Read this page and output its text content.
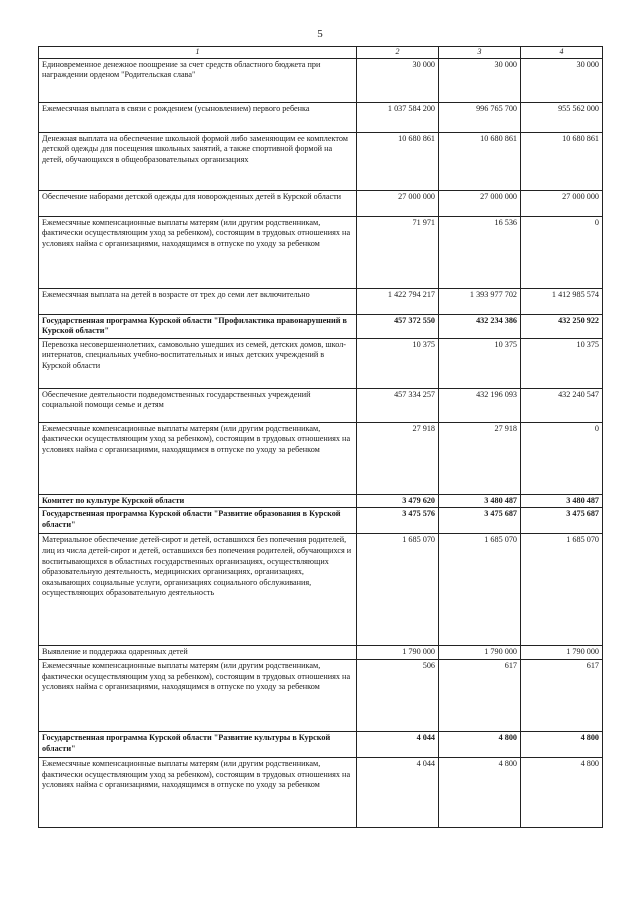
5
1	2	3	4
Единовременное денежное поощрение за счет средств областного бюджета при награждении орденом "Родительская слава"	30 000	30 000	30 000
Ежемесячная выплата в связи с рождением (усыновлением) первого ребенка	1 037 584 200	996 765 700	955 562 000
Денежная выплата на обеспечение школьной формой либо заменяющим ее комплектом детской одежды для посещения школьных занятий, а также спортивной формой на детей, обучающихся в общеобразовательных организациях	10 680 861	10 680 861	10 680 861
Обеспечение наборами детской одежды для новорожденных детей в Курской области	27 000 000	27 000 000	27 000 000
Ежемесячные компенсационные выплаты матерям (или другим родственникам, фактически осуществляющим уход за ребенком), состоящим в трудовых отношениях на условиях найма с организациями, находящимся в отпуске по уходу за ребенком	71 971	16 536	0
Ежемесячная выплата на детей в возрасте от трех до семи лет включительно	1 422 794 217	1 393 977 702	1 412 985 574
Государственная программа Курской области "Профилактика правонарушений в Курской области"	457 372 550	432 234 386	432 250 922
Перевозка несовершеннолетних, самовольно ушедших из семей, детских домов, школ-интернатов, специальных учебно-воспитательных и иных детских учреждений в Курской области	10 375	10 375	10 375
Обеспечение деятельности подведомственных государственных учреждений социальной помощи семье и детям	457 334 257	432 196 093	432 240 547
Ежемесячные компенсационные выплаты матерям (или другим родственникам, фактически осуществляющим уход за ребенком), состоящим в трудовых отношениях на условиях найма с организациями, находящимся в отпуске по уходу за ребенком	27 918	27 918	0
Комитет по культуре Курской области	3 479 620	3 480 487	3 480 487
Государственная программа Курской области "Развитие образования в Курской области"	3 475 576	3 475 687	3 475 687
Материальное обеспечение детей-сирот и детей, оставшихся без попечения родителей, лиц из числа детей-сирот и детей, оставшихся без попечения родителей, обучающихся и воспитывающихся в областных государственных организациях, осуществляющих образовательную деятельность, медицинских организациях, организациях, оказывающих социальные услуги, организациях социального обслуживания, осуществляющих образовательную деятельность	1 685 070	1 685 070	1 685 070
Выявление и поддержка одаренных детей	1 790 000	1 790 000	1 790 000
Ежемесячные компенсационные выплаты матерям (или другим родственникам, фактически осуществляющим уход за ребенком), состоящим в трудовых отношениях на условиях найма с организациями, находящимся в отпуске по уходу за ребенком	506	617	617
Государственная программа Курской области "Развитие культуры в Курской области"	4 044	4 800	4 800
Ежемесячные компенсационные выплаты матерям (или другим родственникам, фактически осуществляющим уход за ребенком), состоящим в трудовых отношениях на условиях найма с организациями, находящимся в отпуске по уходу за ребенком	4 044	4 800	4 800
